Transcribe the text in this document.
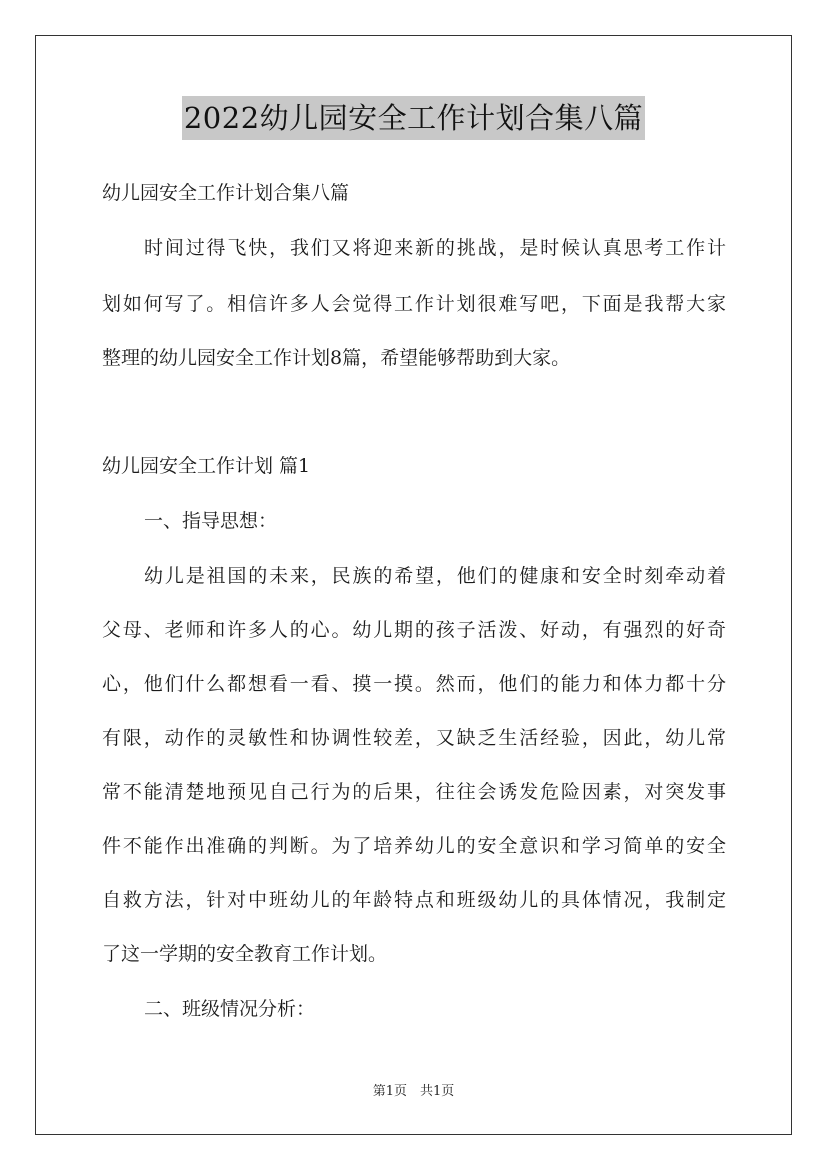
2022幼儿园安全工作计划合集八篇
幼儿园安全工作计划合集八篇
时间过得飞快，我们又将迎来新的挑战，是时候认真思考工作计
划如何写了。相信许多人会觉得工作计划很难写吧，下面是我帮大家
整理的幼儿园安全工作计划8篇，希望能够帮助到大家。
幼儿园安全工作计划 篇1
一、指导思想：
幼儿是祖国的未来，民族的希望，他们的健康和安全时刻牵动着
父母、老师和许多人的心。幼儿期的孩子活泼、好动，有强烈的好奇
心，他们什么都想看一看、摸一摸。然而，他们的能力和体力都十分
有限，动作的灵敏性和协调性较差，又缺乏生活经验，因此，幼儿常
常不能清楚地预见自己行为的后果，往往会诱发危险因素，对突发事
件不能作出准确的判断。为了培养幼儿的安全意识和学习简单的安全
自救方法，针对中班幼儿的年龄特点和班级幼儿的具体情况，我制定
了这一学期的安全教育工作计划。
二、班级情况分析：
第1页　共1页
